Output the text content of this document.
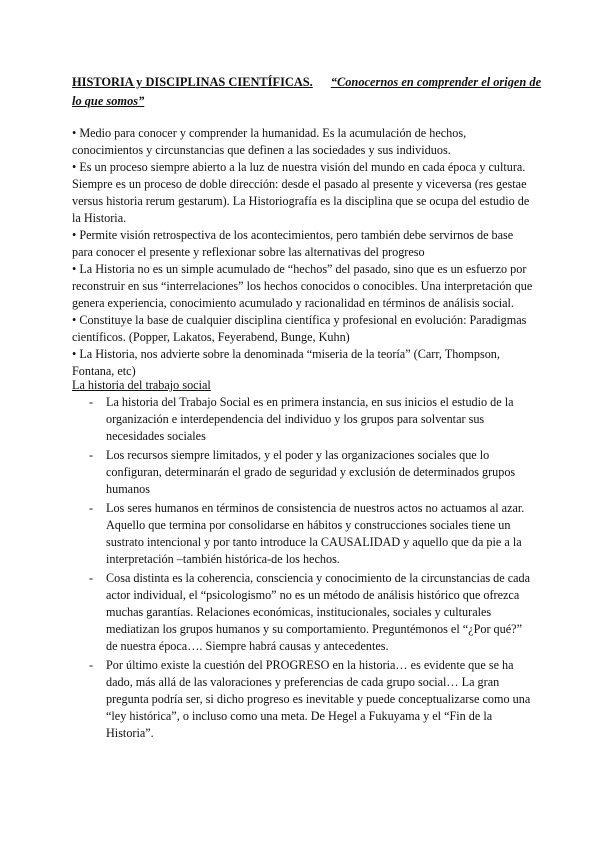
HISTORIA y DISCIPLINAS CIENTÍFICAS. “Conocernos en comprender el origen de lo que somos”

• Medio para conocer y comprender la humanidad. Es la acumulación de hechos, conocimientos y circunstancias que definen a las sociedades y sus individuos.

• Es un proceso siempre abierto a la luz de nuestra visión del mundo en cada época y cultura. Siempre es un proceso de doble dirección: desde el pasado al presente y viceversa (res gestae versus historia rerum gestarum). La Historiografía es la disciplina que se ocupa del estudio de la Historia.

• Permite visión retrospectiva de los acontecimientos, pero también debe servirnos de base para conocer el presente y reflexionar sobre las alternativas del progreso

• La Historia no es un simple acumulado de “hechos” del pasado, sino que es un esfuerzo por reconstruir en sus “interrelaciones” los hechos conocidos o conocibles. Una interpretación que genera experiencia, conocimiento acumulado y racionalidad en términos de análisis social.

• Constituye la base de cualquier disciplina científica y profesional en evolución: Paradigmas científicos. (Popper, Lakatos, Feyerabend, Bunge, Kuhn)

• La Historia, nos advierte sobre la denominada “miseria de la teoría” (Carr, Thompson, Fontana, etc)

La historia del trabajo social
- La historia del Trabajo Social es en primera instancia, en sus inicios el estudio de la organización e interdependencia del individuo y los grupos para solventar sus necesidades sociales
- Los recursos siempre limitados, y el poder y las organizaciones sociales que lo configuran, determinarán el grado de seguridad y exclusión de determinados grupos humanos
- Los seres humanos en términos de consistencia de nuestros actos no actuamos al azar. Aquello que termina por consolidarse en hábitos y construcciones sociales tiene un sustrato intencional y por tanto introduce la CAUSALIDAD y aquello que da pie a la interpretación –también histórica-de los hechos.
- Cosa distinta es la coherencia, consciencia y conocimiento de la circunstancias de cada actor individual, el “psicologismo” no es un método de análisis histórico que ofrezca muchas garantías. Relaciones económicas, institucionales, sociales y culturales mediatizan los grupos humanos y su comportamiento. Preguntémonos el “¿Por qué?” de nuestra época…. Siempre habrá causas y antecedentes.
- Por último existe la cuestión del PROGRESO en la historia… es evidente que se ha dado, más allá de las valoraciones y preferencias de cada grupo social… La gran pregunta podría ser, si dicho progreso es inevitable y puede conceptualizarse como una “ley histórica”, o incluso como una meta. De Hegel a Fukuyama y el “Fin de la Historia”.
